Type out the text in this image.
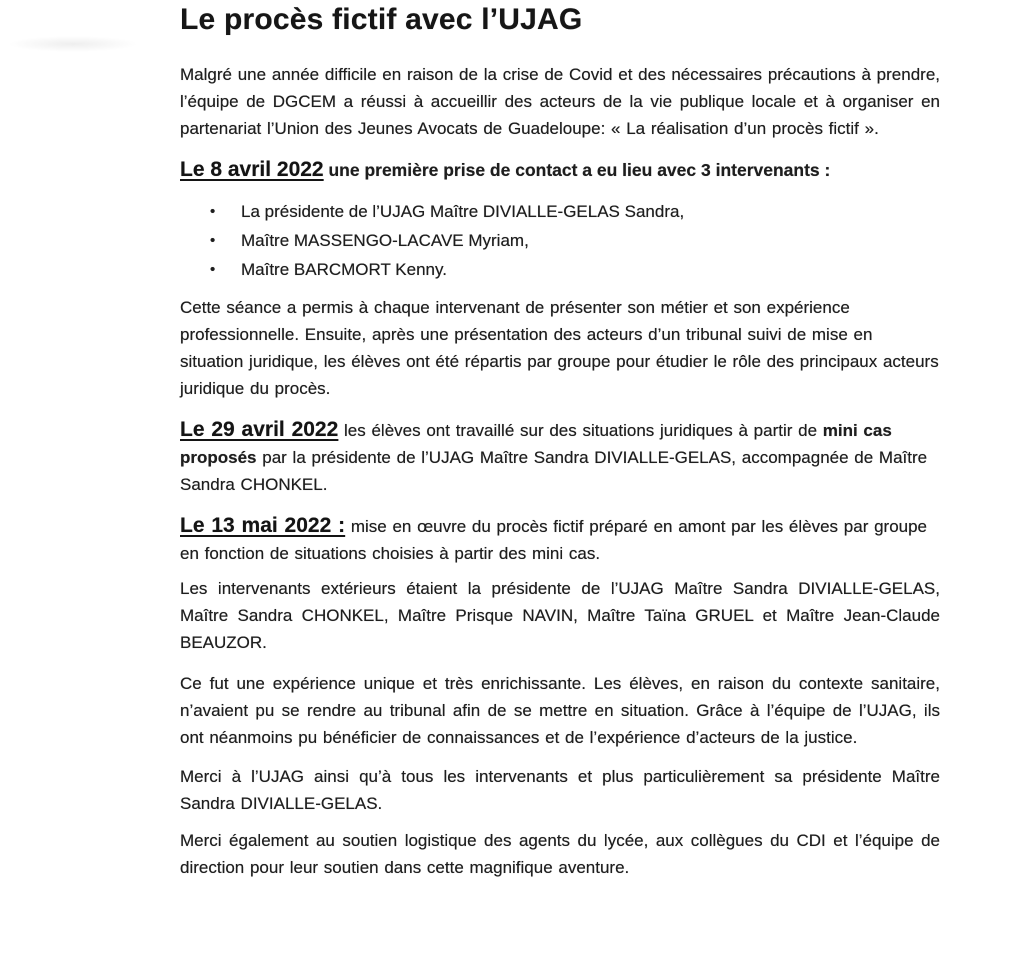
Le procès fictif avec l’UJAG

Malgré une année difficile en raison de la crise de Covid et des nécessaires précautions à prendre, l’équipe de DGCEM a réussi à accueillir des acteurs de la vie publique locale et à organiser en partenariat l’Union des Jeunes Avocats de Guadeloupe: « La réalisation d’un procès fictif ».

Le 8 avril 2022 une première prise de contact a eu lieu avec 3 intervenants :

• La présidente de l’UJAG Maître DIVIALLE-GELAS Sandra,
• Maître MASSENGO-LACAVE Myriam,
• Maître BARCMORT Kenny.

Cette séance a permis à chaque intervenant de présenter son métier et son expérience professionnelle. Ensuite, après une présentation des acteurs d’un tribunal suivi de mise en situation juridique, les élèves ont été répartis par groupe pour étudier le rôle des principaux acteurs juridique du procès.

Le 29 avril 2022 les élèves ont travaillé sur des situations juridiques à partir de mini cas proposés par la présidente de l’UJAG Maître Sandra DIVIALLE-GELAS, accompagnée de Maître Sandra CHONKEL.

Le 13 mai 2022 : mise en œuvre du procès fictif préparé en amont par les élèves par groupe en fonction de situations choisies à partir des mini cas.

Les intervenants extérieurs étaient la présidente de l’UJAG Maître Sandra DIVIALLE-GELAS, Maître Sandra CHONKEL, Maître Prisque NAVIN, Maître Taïna GRUEL et Maître Jean-Claude BEAUZOR.

Ce fut une expérience unique et très enrichissante. Les élèves, en raison du contexte sanitaire, n’avaient pu se rendre au tribunal afin de se mettre en situation. Grâce à l’équipe de l’UJAG, ils ont néanmoins pu bénéficier de connaissances et de l’expérience d’acteurs de la justice.

Merci à l’UJAG ainsi qu’à tous les intervenants et plus particulièrement sa présidente Maître Sandra DIVIALLE-GELAS.

Merci également au soutien logistique des agents du lycée, aux collègues du CDI et l’équipe de direction pour leur soutien dans cette magnifique aventure.
